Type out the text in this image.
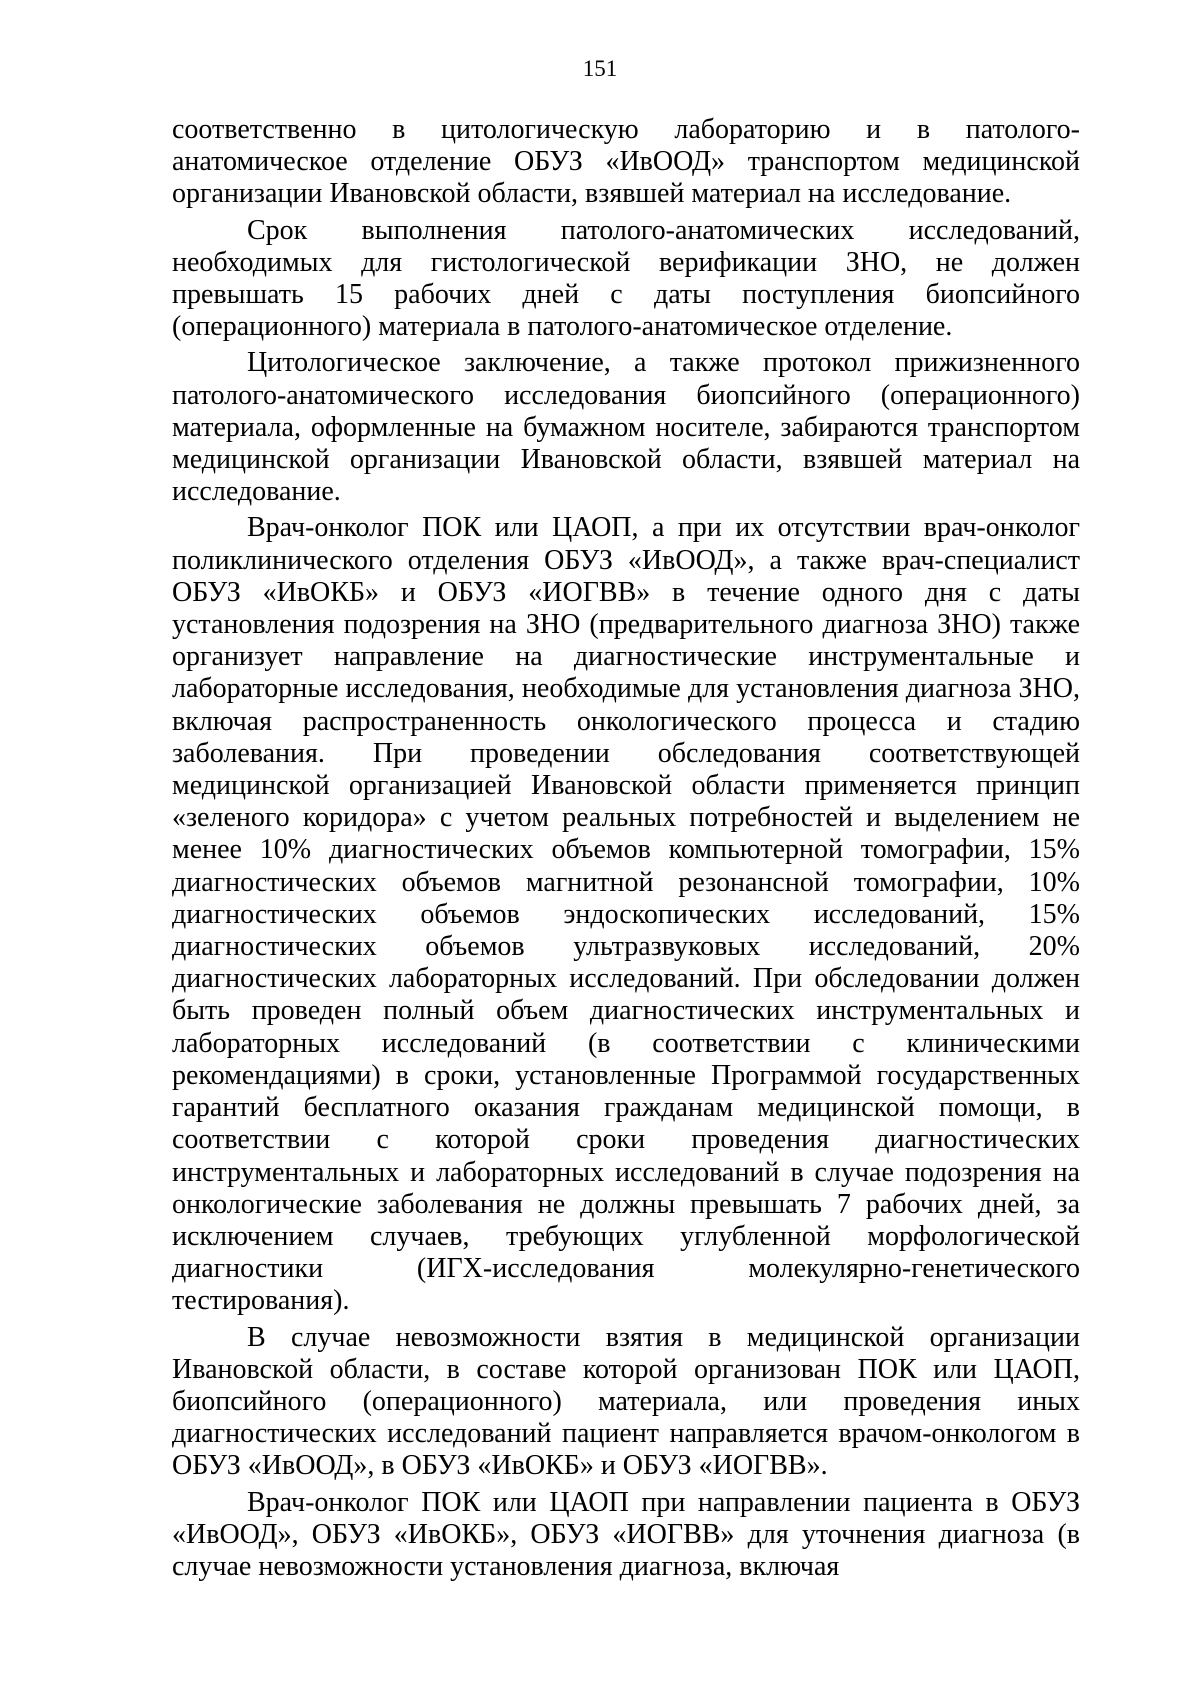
151

соответственно в цитологическую лабораторию и в патолого-анатомическое отделение ОБУЗ «ИвООД» транспортом медицинской организации Ивановской области, взявшей материал на исследование.

Срок выполнения патолого-анатомических исследований, необходимых для гистологической верификации ЗНО, не должен превышать 15 рабочих дней с даты поступления биопсийного (операционного) материала в патолого-анатомическое отделение.

Цитологическое заключение, а также протокол прижизненного патолого-анатомического исследования биопсийного (операционного) материала, оформленные на бумажном носителе, забираются транспортом медицинской организации Ивановской области, взявшей материал на исследование.

Врач-онколог ПОК или ЦАОП, а при их отсутствии врач-онколог поликлинического отделения ОБУЗ «ИвООД», а также врач-специалист ОБУЗ «ИвОКБ» и ОБУЗ «ИОГВВ» в течение одного дня с даты установления подозрения на ЗНО (предварительного диагноза ЗНО) также организует направление на диагностические инструментальные и лабораторные исследования, необходимые для установления диагноза ЗНО, включая распространенность онкологического процесса и стадию заболевания. При проведении обследования соответствующей медицинской организацией Ивановской области применяется принцип «зеленого коридора» с учетом реальных потребностей и выделением не менее 10% диагностических объемов компьютерной томографии, 15% диагностических объемов магнитной резонансной томографии, 10% диагностических объемов эндоскопических исследований, 15% диагностических объемов ультразвуковых исследований, 20% диагностических лабораторных исследований. При обследовании должен быть проведен полный объем диагностических инструментальных и лабораторных исследований (в соответствии с клиническими рекомендациями) в сроки, установленные Программой государственных гарантий бесплатного оказания гражданам медицинской помощи, в соответствии с которой сроки проведения диагностических инструментальных и лабораторных исследований в случае подозрения на онкологические заболевания не должны превышать 7 рабочих дней, за исключением случаев, требующих углубленной морфологической диагностики (ИГХ-исследования молекулярно-генетического тестирования).

В случае невозможности взятия в медицинской организации Ивановской области, в составе которой организован ПОК или ЦАОП, биопсийного (операционного) материала, или проведения иных диагностических исследований пациент направляется врачом-онкологом в ОБУЗ «ИвООД», в ОБУЗ «ИвОКБ» и ОБУЗ «ИОГВВ».

Врач-онколог ПОК или ЦАОП при направлении пациента в ОБУЗ «ИвООД», ОБУЗ «ИвОКБ», ОБУЗ «ИОГВВ» для уточнения диагноза (в случае невозможности установления диагноза, включая
